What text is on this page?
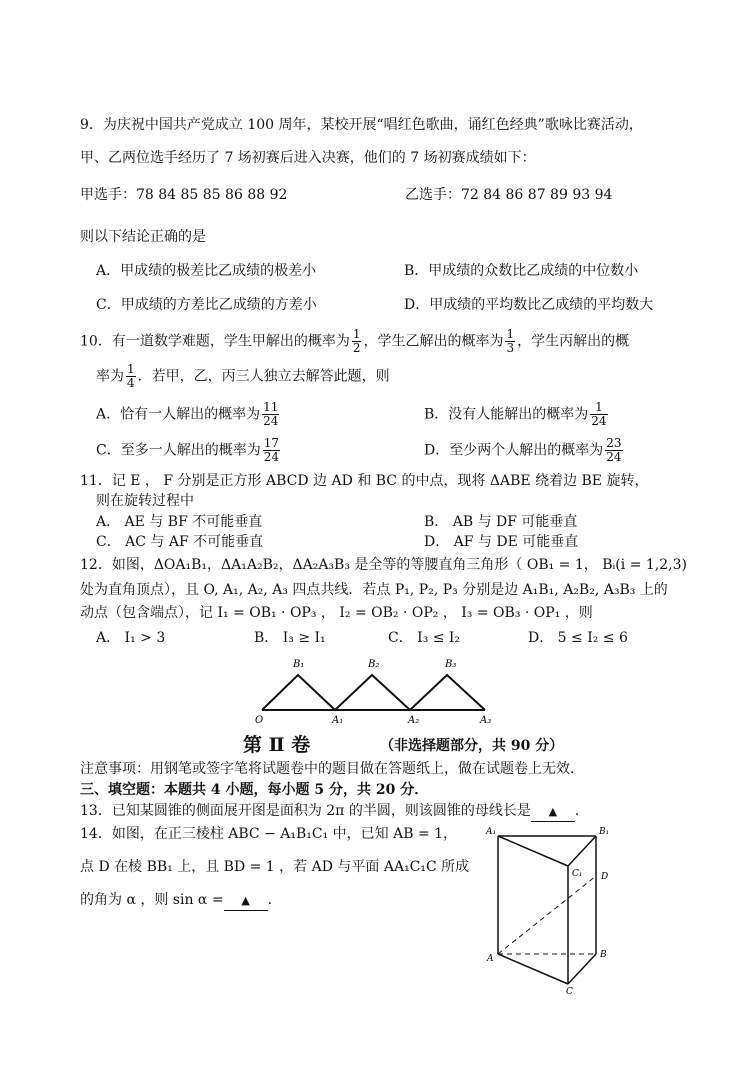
9．为庆祝中国共产党成立 100 周年，某校开展“唱红色歌曲，诵红色经典”歌咏比赛活动，
甲、乙两位选手经历了 7 场初赛后进入决赛，他们的 7 场初赛成绩如下：
甲选手：78 84 85 85 86 88 92	乙选手：72 84 86 87 89 93 94
则以下结论正确的是
A．甲成绩的极差比乙成绩的极差小	B．甲成绩的众数比乙成绩的中位数小
C．甲成绩的方差比乙成绩的方差小	D．甲成绩的平均数比乙成绩的平均数大
10．有一道数学难题，学生甲解出的概率为 $\frac{1}{2}$ ，学生乙解出的概率为 $\frac{1}{3}$ ，学生丙解出的概
率为 $\frac{1}{4}$ ．若甲，乙，丙三人独立去解答此题，则
A．恰有一人解出的概率为 $\frac{11}{24}$	B．没有人能解出的概率为 $\frac{1}{24}$
C．至多一人解出的概率为 $\frac{17}{24}$	D．至少两个人解出的概率为 $\frac{23}{24}$
11．记 E ， F 分别是正方形 ABCD 边 AD 和 BC 的中点，现将 ΔABE 绕着边 BE 旋转，
则在旋转过程中
A． AE 与 BF 不可能垂直	B． AB 与 DF 可能垂直
C． AC 与 AF 不可能垂直	D． AF 与 DE 可能垂直
12．如图，ΔOA₁B₁，ΔA₁A₂B₂，ΔA₂A₃B₃ 是全等的等腰直角三角形（ OB₁ = 1， Bᵢ(i = 1,2,3)
处为直角顶点），且 O, A₁, A₂, A₃ 四点共线．若点 P₁, P₂, P₃ 分别是边 A₁B₁, A₂B₂, A₃B₃ 上的
动点（包含端点），记 I₁ = OB₁ · OP₃ ， I₂ = OB₂ · OP₂ ， I₃ = OB₃ · OP₁ ，则
A． I₁ > 3	B． I₃ ≥ I₁	C． I₃ ≤ I₂	D． 5 ≤ I₂ ≤ 6
B₁	B₂	B₃
O	A₁	A₂	A₃
第 Ⅱ 卷	（非选择题部分，共 90 分）
注意事项：用钢笔或签字笔将试题卷中的题目做在答题纸上，做在试题卷上无效．
三、填空题：本题共 4 小题，每小题 5 分，共 20 分．
13．已知某圆锥的侧面展开图是面积为 2π 的半圆，则该圆锥的母线长是 ▲ ．
14．如图，在正三棱柱 ABC − A₁B₁C₁ 中，已知 AB = 1，
点 D 在棱 BB₁ 上，且 BD = 1 ，若 AD 与平面 AA₁C₁C 所成
的角为 α ，则 sin α = ▲ ．
A₁	B₁
C₁ D
A	B
C
